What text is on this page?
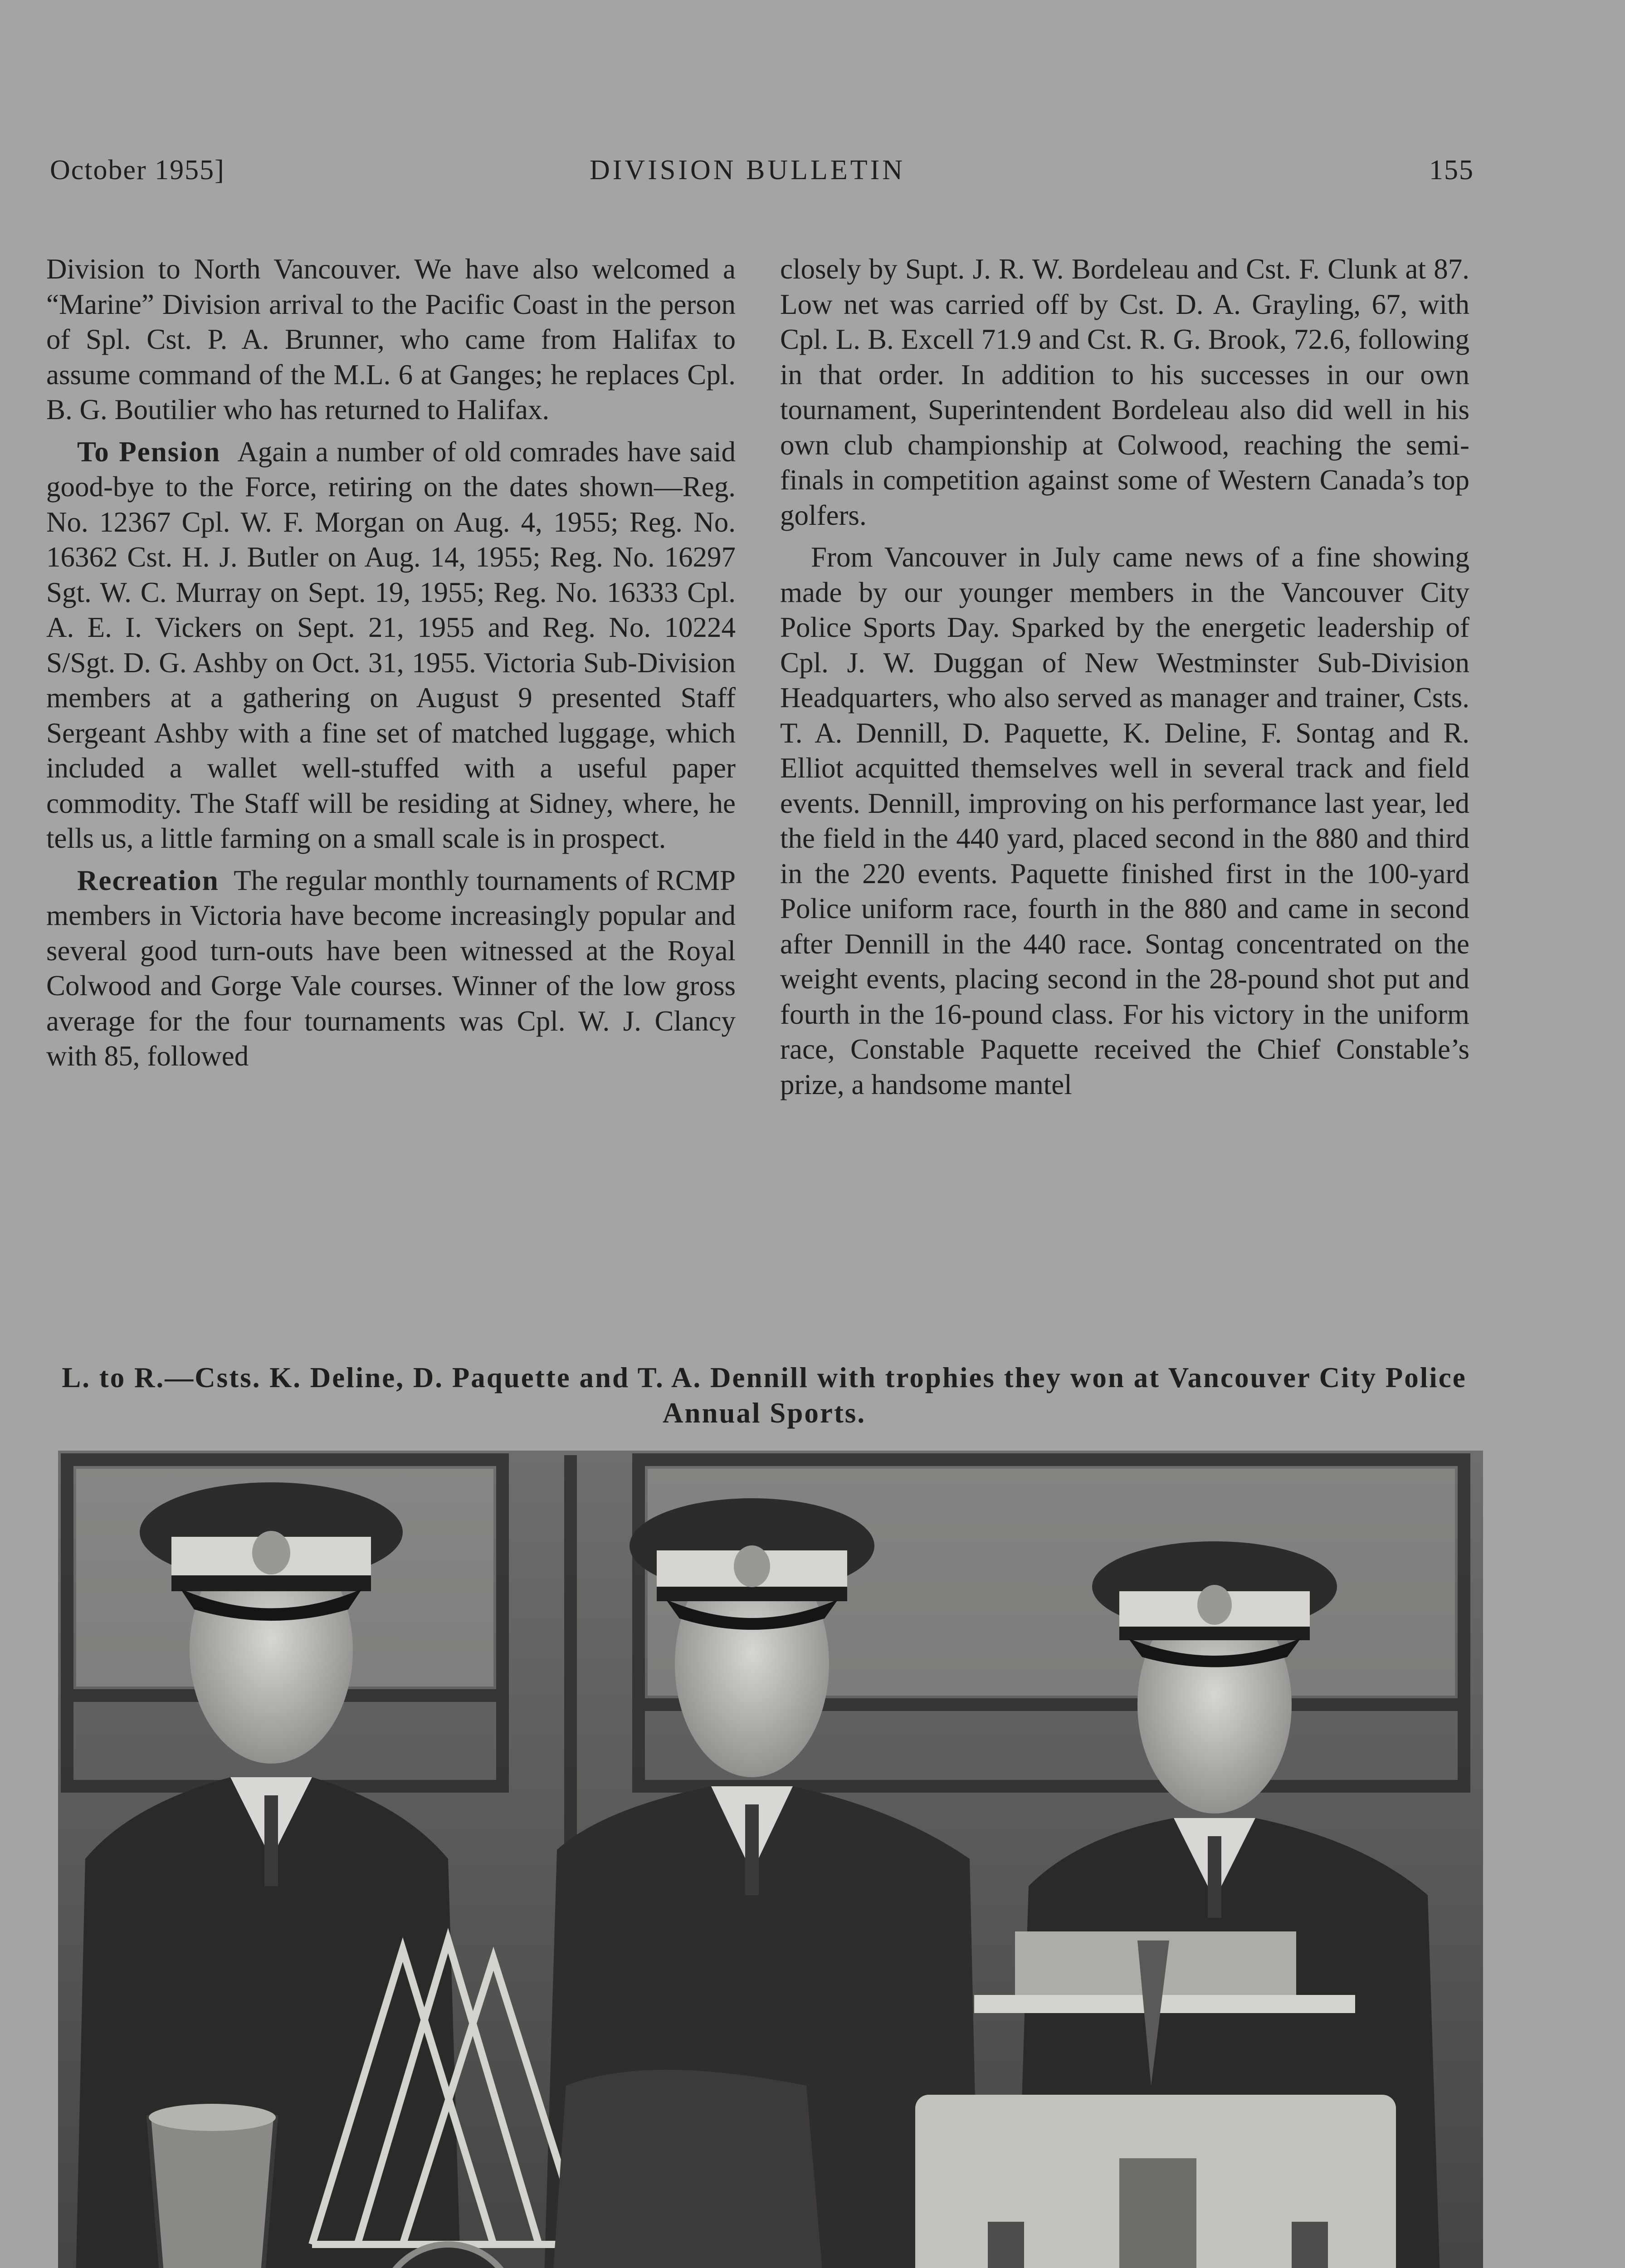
October 1955]	DIVISION BULLETIN	155

Division to North Vancouver. We have also welcomed a “Marine” Division arrival to the Pacific Coast in the person of Spl. Cst. P. A. Brunner, who came from Halifax to assume command of the M.L. 6 at Ganges; he replaces Cpl. B. G. Boutilier who has returned to Halifax.

To Pension Again a number of old comrades have said good-bye to the Force, retiring on the dates shown—Reg. No. 12367 Cpl. W. F. Morgan on Aug. 4, 1955; Reg. No. 16362 Cst. H. J. Butler on Aug. 14, 1955; Reg. No. 16297 Sgt. W. C. Murray on Sept. 19, 1955; Reg. No. 16333 Cpl. A. E. I. Vickers on Sept. 21, 1955 and Reg. No. 10224 S/Sgt. D. G. Ashby on Oct. 31, 1955. Victoria Sub-Division members at a gathering on August 9 presented Staff Sergeant Ashby with a fine set of matched luggage, which included a wallet well-stuffed with a useful paper commodity. The Staff will be residing at Sidney, where, he tells us, a little farming on a small scale is in prospect.

Recreation The regular monthly tournaments of RCMP members in Victoria have become increasingly popular and several good turn-outs have been witnessed at the Royal Colwood and Gorge Vale courses. Winner of the low gross average for the four tournaments was Cpl. W. J. Clancy with 85, followed

closely by Supt. J. R. W. Bordeleau and Cst. F. Clunk at 87. Low net was carried off by Cst. D. A. Grayling, 67, with Cpl. L. B. Excell 71.9 and Cst. R. G. Brook, 72.6, following in that order. In addition to his successes in our own tournament, Superintendent Bordeleau also did well in his own club championship at Colwood, reaching the semi-finals in competition against some of Western Canada’s top golfers.

From Vancouver in July came news of a fine showing made by our younger members in the Vancouver City Police Sports Day. Sparked by the energetic leadership of Cpl. J. W. Duggan of New Westminster Sub-Division Headquarters, who also served as manager and trainer, Csts. T. A. Dennill, D. Paquette, K. Deline, F. Sontag and R. Elliot acquitted themselves well in several track and field events. Dennill, improving on his performance last year, led the field in the 440 yard, placed second in the 880 and third in the 220 events. Paquette finished first in the 100-yard Police uniform race, fourth in the 880 and came in second after Dennill in the 440 race. Sontag concentrated on the weight events, placing second in the 28-pound shot put and fourth in the 16-pound class. For his victory in the uniform race, Constable Paquette received the Chief Constable’s prize, a handsome mantel

L. to R.—Csts. K. Deline, D. Paquette and T. A. Dennill with trophies they won at Vancouver City Police Annual Sports.
